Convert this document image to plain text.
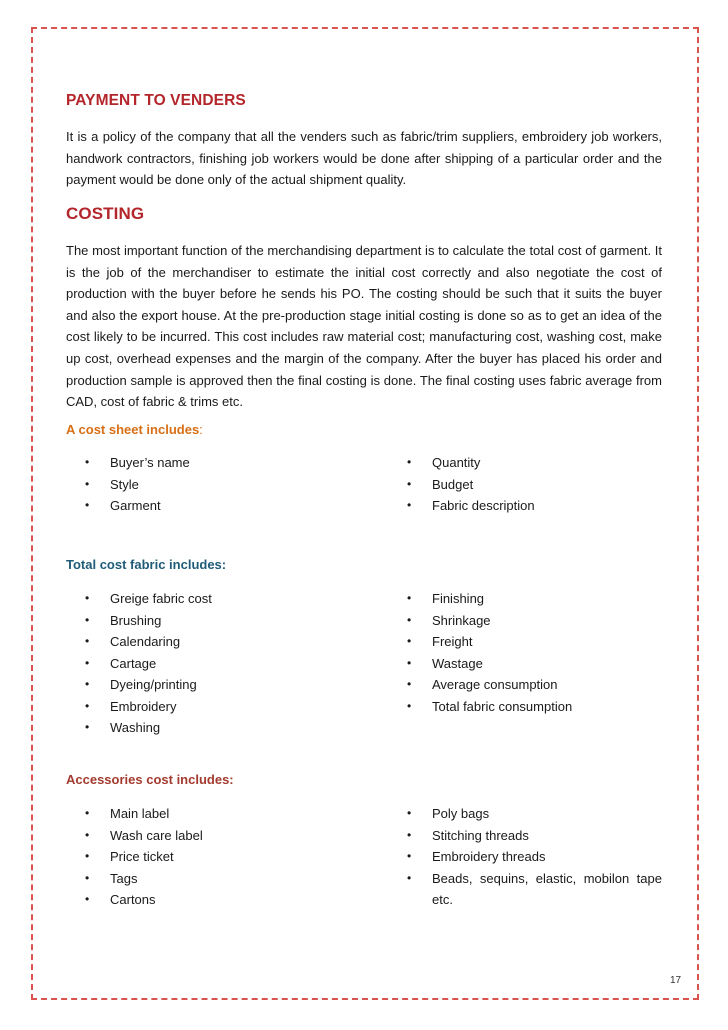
PAYMENT TO VENDERS

It is a policy of the company that all the venders such as fabric/trim suppliers, embroidery job workers, handwork contractors, finishing job workers would be done after shipping of a particular order and the payment would be done only of the actual shipment quality.

COSTING

The most important function of the merchandising department is to calculate the total cost of garment. It is the job of the merchandiser to estimate the initial cost correctly and also negotiate the cost of production with the buyer before he sends his PO. The costing should be such that it suits the buyer and also the export house. At the pre-production stage initial costing is done so as to get an idea of the cost likely to be incurred. This cost includes raw material cost; manufacturing cost, washing cost, make up cost, overhead expenses and the margin of the company. After the buyer has placed his order and production sample is approved then the final costing is done. The final costing uses fabric average from CAD, cost of fabric & trims etc.

A cost sheet includes:
• Buyer’s name
• Style
• Garment
• Quantity
• Budget
• Fabric description
Total cost fabric includes:
• Greige fabric cost
• Brushing
• Calendaring
• Cartage
• Dyeing/printing
• Embroidery
• Washing
• Finishing
• Shrinkage
• Freight
• Wastage
• Average consumption
• Total fabric consumption
Accessories cost includes:
• Main label
• Wash care label
• Price ticket
• Tags
• Cartons
• Poly bags
• Stitching threads
• Embroidery threads
• Beads, sequins, elastic, mobilon tape etc.
17
